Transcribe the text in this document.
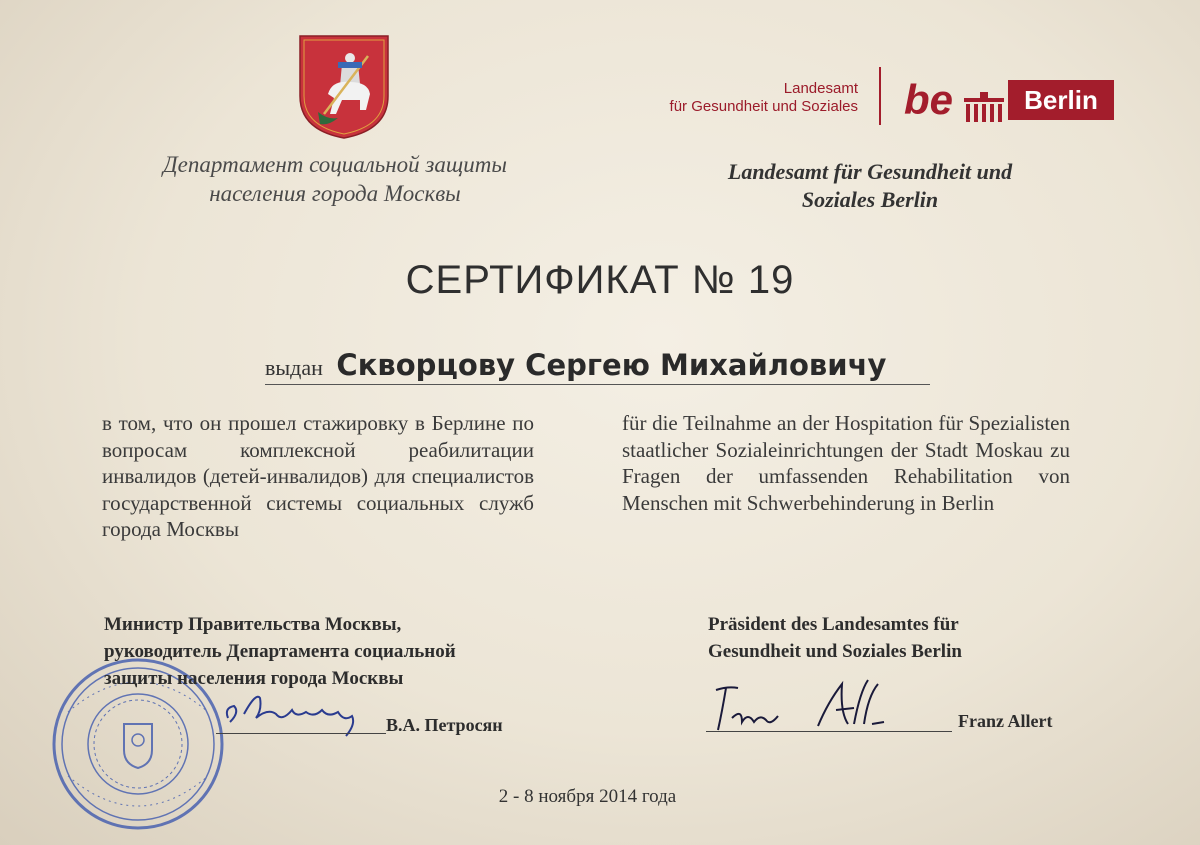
Департамент социальной защиты
населения города Москвы
Landesamt
für Gesundheit und Soziales be	Berlin
Landesamt für Gesundheit und
Soziales Berlin
СЕРТИФИКАТ № 19
выдан Скворцову Сергею Михайловичу
в том, что он прошел стажировку в Берлине по вопросам комплексной реабилитации инвалидов (детей-инвалидов) для специалистов государственной системы социальных служб города Москвы
für die Teilnahme an der Hospitation für Spezialisten staatlicher Sozialeinrichtungen der Stadt Moskau zu Fragen der umfassenden Rehabilitation von Menschen mit Schwerbehinderung in Berlin
Министр Правительства Москвы,
руководитель Департамента социальной
защиты населения города Москвы
В.А. Петросян
Präsident des Landesamtes für
Gesundheit und Soziales Berlin
Franz Allert
2 - 8 ноября 2014 года
